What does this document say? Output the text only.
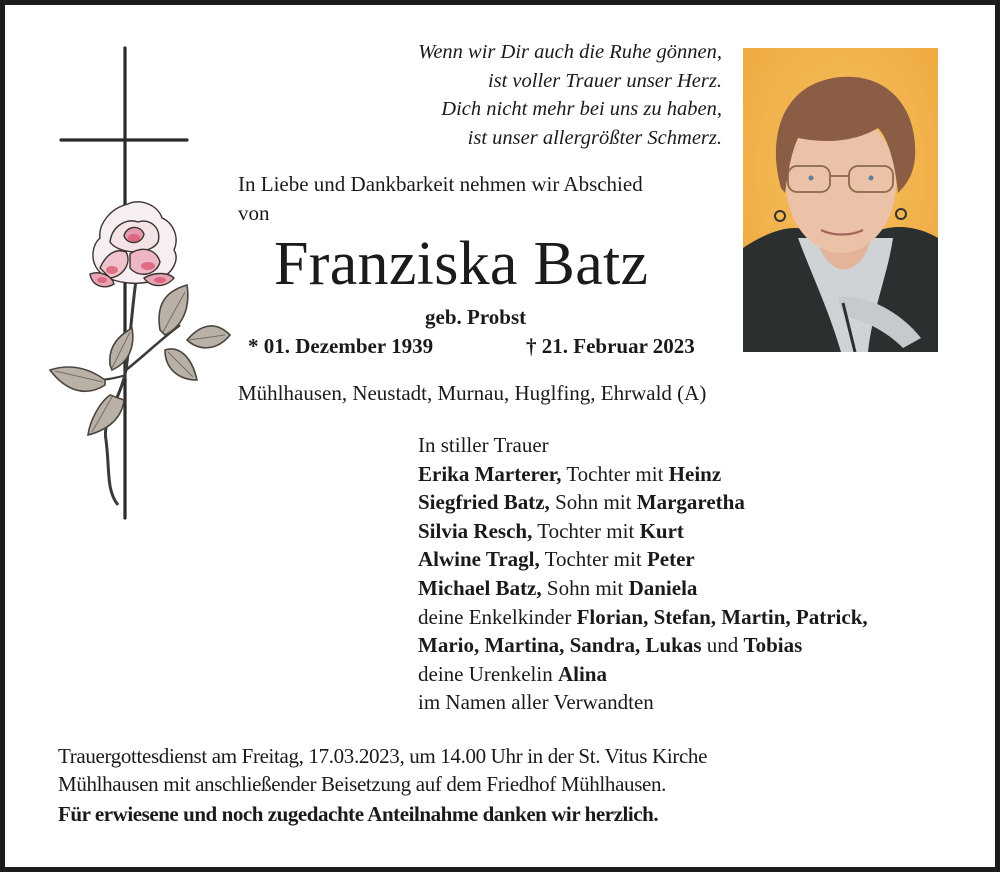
Wenn wir Dir auch die Ruhe gönnen,
ist voller Trauer unser Herz.
Dich nicht mehr bei uns zu haben,
ist unser allergrößter Schmerz.
In Liebe und Dankbarkeit nehmen wir Abschied
von
Franziska Batz
geb. Probst
* 01. Dezember 1939	† 21. Februar 2023
Mühlhausen, Neustadt, Murnau, Huglfing, Ehrwald (A)
In stiller Trauer
Erika Marterer, Tochter mit Heinz
Siegfried Batz, Sohn mit Margaretha
Silvia Resch, Tochter mit Kurt
Alwine Tragl, Tochter mit Peter
Michael Batz, Sohn mit Daniela
deine Enkelkinder Florian, Stefan, Martin, Patrick,
Mario, Martina, Sandra, Lukas und Tobias
deine Urenkelin Alina
im Namen aller Verwandten
Trauergottesdienst am Freitag, 17.03.2023, um 14.00 Uhr in der St. Vitus Kirche
Mühlhausen mit anschließender Beisetzung auf dem Friedhof Mühlhausen.
Für erwiesene und noch zugedachte Anteilnahme danken wir herzlich.
